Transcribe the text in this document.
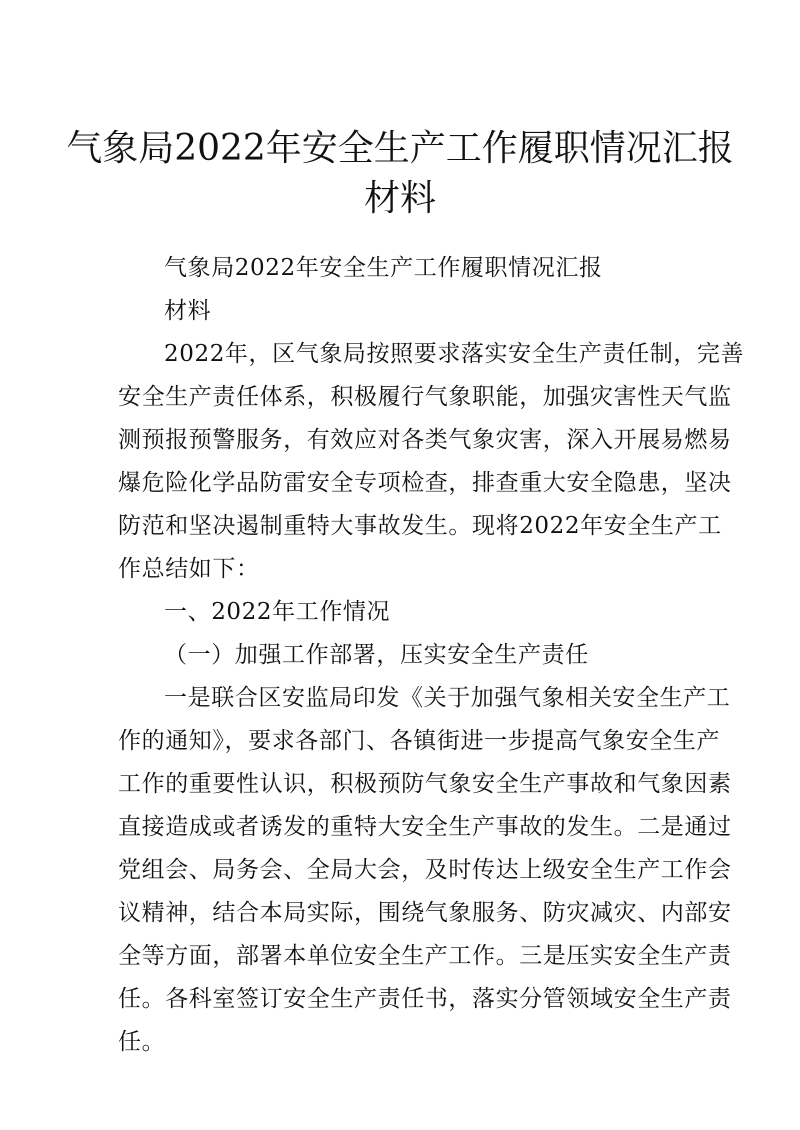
气象局2022年安全生产工作履职情况汇报
材料
气象局2022年安全生产工作履职情况汇报
材料
2022年，区气象局按照要求落实安全生产责任制，完善
安全生产责任体系，积极履行气象职能，加强灾害性天气监
测预报预警服务，有效应对各类气象灾害，深入开展易燃易
爆危险化学品防雷安全专项检查，排查重大安全隐患，坚决
防范和坚决遏制重特大事故发生。现将2022年安全生产工
作总结如下：
一、2022年工作情况
（一）加强工作部署，压实安全生产责任
一是联合区安监局印发《关于加强气象相关安全生产工
作的通知》，要求各部门、各镇街进一步提高气象安全生产
工作的重要性认识，积极预防气象安全生产事故和气象因素
直接造成或者诱发的重特大安全生产事故的发生。二是通过
党组会、局务会、全局大会，及时传达上级安全生产工作会
议精神，结合本局实际，围绕气象服务、防灾减灾、内部安
全等方面，部署本单位安全生产工作。三是压实安全生产责
任。各科室签订安全生产责任书，落实分管领域安全生产责
任。
